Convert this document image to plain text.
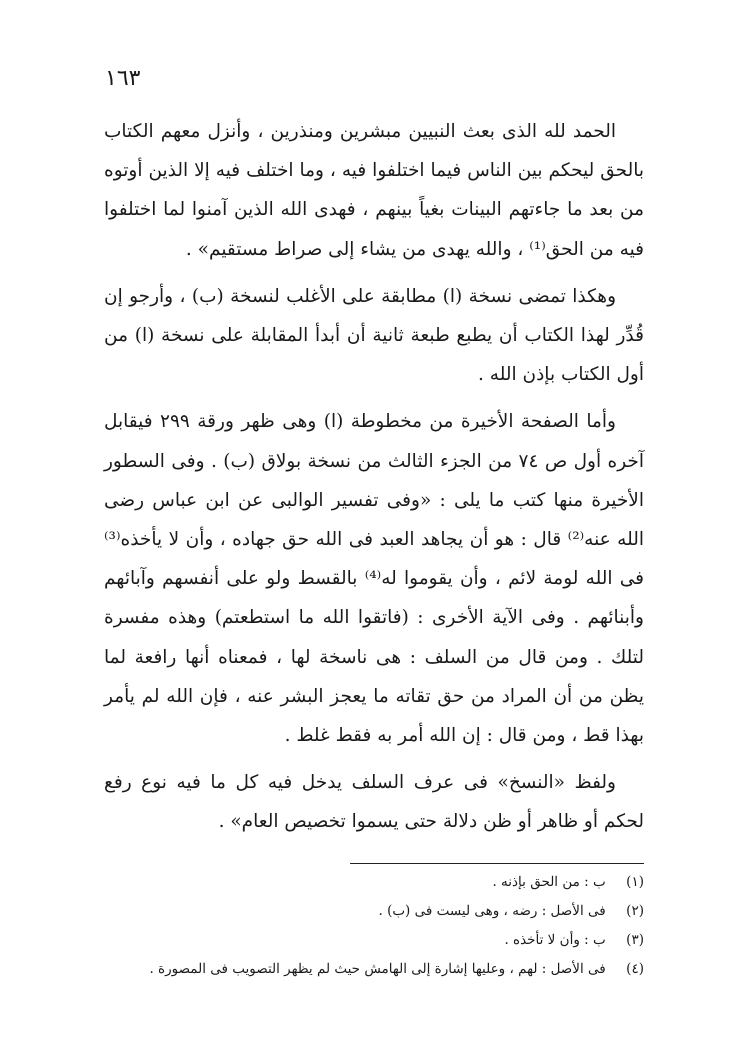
١٦٣

الحمد لله الذى بعث النبيين مبشرين ومنذرين ، وأنزل معهم الكتاب بالحق ليحكم بين الناس فيما اختلفوا فيه ، وما اختلف فيه إلا الذين أوتوه من بعد ما جاءتهم البينات بغياً بينهم ، فهدى الله الذين آمنوا لما اختلفوا فيه من الحق⁽¹⁾ ، والله يهدى من يشاء إلى صراط مستقيم» .

وهكذا تمضى نسخة (ا) مطابقة على الأغلب لنسخة (ب) ، وأرجو إن قُدِّر لهذا الكتاب أن يطبع طبعة ثانية أن أبدأ المقابلة على نسخة (ا) من أول الكتاب بإذن الله .

وأما الصفحة الأخيرة من مخطوطة (ا) وهى ظهر ورقة ٢٩٩ فيقابل آخره أول ص ٧٤ من الجزء الثالث من نسخة بولاق (ب) . وفى السطور الأخيرة منها كتب ما يلى : «وفى تفسير الوالبى عن ابن عباس رضى الله عنه⁽²⁾ قال : هو أن يجاهد العبد فى الله حق جهاده ، وأن لا يأخذه⁽³⁾ فى الله لومة لائم ، وأن يقوموا له⁽⁴⁾ بالقسط ولو على أنفسهم وآبائهم وأبنائهم . وفى الآية الأخرى : (فاتقوا الله ما استطعتم) وهذه مفسرة لتلك . ومن قال من السلف : هى ناسخة لها ، فمعناه أنها رافعة لما يظن من أن المراد من حق تقاته ما يعجز البشر عنه ، فإن الله لم يأمر بهذا قط ، ومن قال : إن الله أمر به فقط غلط .

ولفظ «النسخ» فى عرف السلف يدخل فيه كل ما فيه نوع رفع لحكم أو ظاهر أو ظن دلالة حتى يسموا تخصيص العام» .

(١) ب : من الحق بإذنه .
(٢) فى الأصل : رضه ، وهى ليست فى (ب) .
(٣) ب : وأن لا تأخذه .
(٤) فى الأصل : لهم ، وعليها إشارة إلى الهامش حيث لم يظهر التصويب فى المصورة .
